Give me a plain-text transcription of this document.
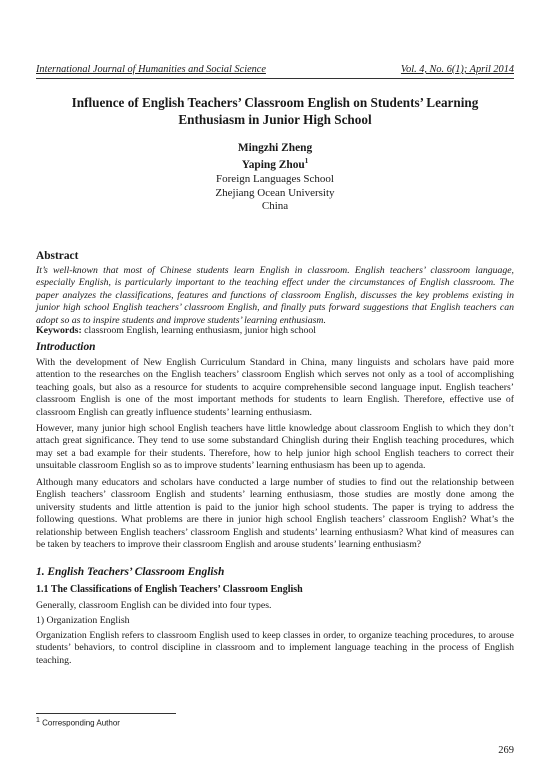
International Journal of Humanities and Social Science	Vol. 4, No. 6(1); April 2014
Influence of English Teachers’ Classroom English on Students’ Learning
Enthusiasm in Junior High School
Mingzhi Zheng
Yaping Zhou$^1$
Foreign Languages School
Zhejiang Ocean University
China
Abstract

It’s well-known that most of Chinese students learn English in classroom. English teachers’ classroom language, especially English, is particularly important to the teaching effect under the circumstances of English classroom. The paper analyzes the classifications, features and functions of classroom English, discusses the key problems existing in junior high school English teachers’ classroom English, and finally puts forward suggestions that English teachers can adopt so as to inspire students and improve students’ learning enthusiasm.

Keywords: classroom English, learning enthusiasm, junior high school
Introduction

With the development of New English Curriculum Standard in China, many linguists and scholars have paid more attention to the researches on the English teachers’ classroom English which serves not only as a tool of accomplishing teaching goals, but also as a resource for students to acquire comprehensible second language input. English teachers’ classroom English is one of the most important methods for students to learn English. Therefore, effective use of classroom English can greatly influence students’ learning enthusiasm.

However, many junior high school English teachers have little knowledge about classroom English to which they don’t attach great significance. They tend to use some substandard Chinglish during their English teaching procedures, which may set a bad example for their students. Therefore, how to help junior high school English teachers to correct their unsuitable classroom English so as to improve students’ learning enthusiasm has been up to agenda.

Although many educators and scholars have conducted a large number of studies to find out the relationship between English teachers’ classroom English and students’ learning enthusiasm, those studies are mostly done among the university students and little attention is paid to the junior high school students. The paper is trying to address the following questions. What problems are there in junior high school English teachers’ classroom English? What’s the relationship between English teachers’ classroom English and students’ learning enthusiasm? What kind of measures can be taken by teachers to improve their classroom English and arouse students’ learning enthusiasm?

1. English Teachers’ Classroom English
1.1 The Classifications of English Teachers’ Classroom English
Generally, classroom English can be divided into four types.
1) Organization English

Organization English refers to classroom English used to keep classes in order, to organize teaching procedures, to arouse students’ behaviors, to control discipline in classroom and to implement language teaching in the process of English teaching.

1 Corresponding Author
269
